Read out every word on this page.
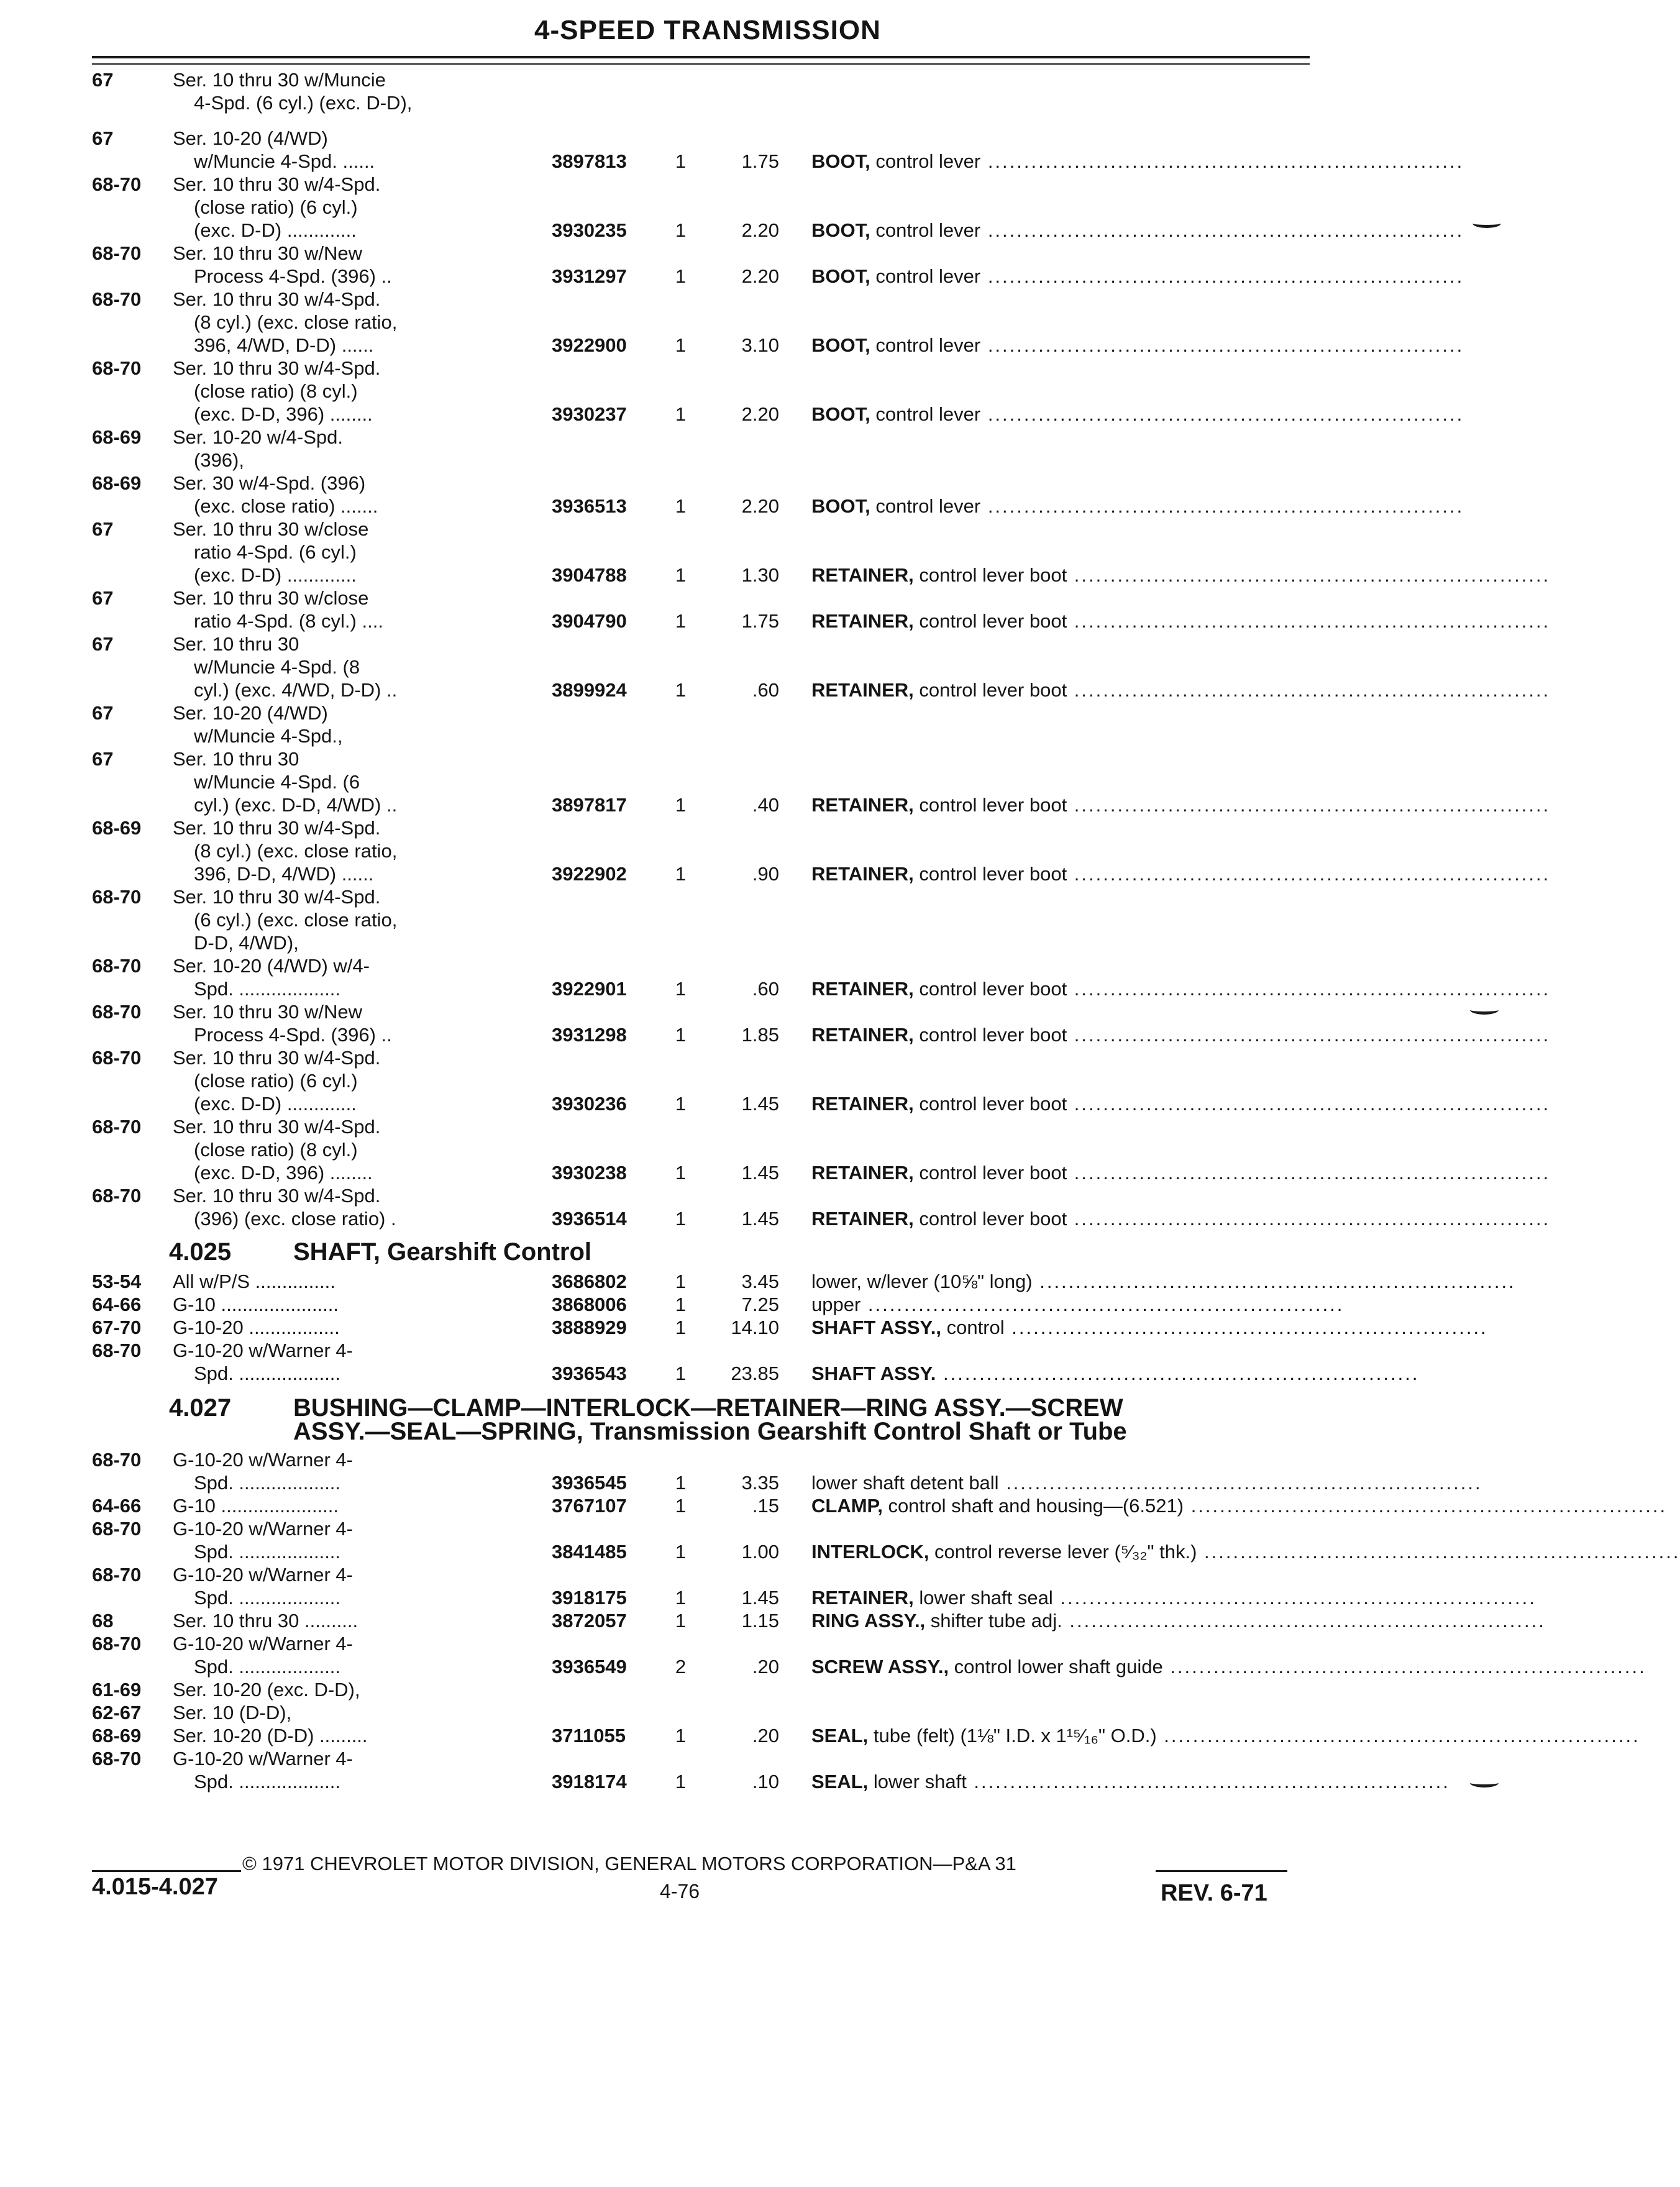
4-SPEED TRANSMISSION
67	Ser. 10 thru 30 w/Muncie
4-Spd. (6 cyl.) (exc. D-D),
67	Ser. 10-20 (4/WD)
w/Muncie 4-Spd. ......	3897813	1	1.75	BOOT, control lever ..................................................................
68-70	Ser. 10 thru 30 w/4-Spd.
(close ratio) (6 cyl.)
(exc. D-D) .............	3930235	1	2.20	BOOT, control lever ..................................................................
68-70	Ser. 10 thru 30 w/New
Process 4-Spd. (396) ..	3931297	1	2.20	BOOT, control lever ..................................................................
68-70	Ser. 10 thru 30 w/4-Spd.
(8 cyl.) (exc. close ratio,
396, 4/WD, D-D) ......	3922900	1	3.10	BOOT, control lever ..................................................................
68-70	Ser. 10 thru 30 w/4-Spd.
(close ratio) (8 cyl.)
(exc. D-D, 396) ........	3930237	1	2.20	BOOT, control lever ..................................................................
68-69	Ser. 10-20 w/4-Spd.
(396),
68-69	Ser. 30 w/4-Spd. (396)
(exc. close ratio) .......	3936513	1	2.20	BOOT, control lever ..................................................................
67	Ser. 10 thru 30 w/close
ratio 4-Spd. (6 cyl.)
(exc. D-D) .............	3904788	1	1.30	RETAINER, control lever boot ..................................................................
67	Ser. 10 thru 30 w/close
ratio 4-Spd. (8 cyl.) ....	3904790	1	1.75	RETAINER, control lever boot ..................................................................
67	Ser. 10 thru 30
w/Muncie 4-Spd. (8
cyl.) (exc. 4/WD, D-D) ..	3899924	1	.60	RETAINER, control lever boot ..................................................................
67	Ser. 10-20 (4/WD)
w/Muncie 4-Spd.,
67	Ser. 10 thru 30
w/Muncie 4-Spd. (6
cyl.) (exc. D-D, 4/WD) ..	3897817	1	.40	RETAINER, control lever boot ..................................................................
68-69	Ser. 10 thru 30 w/4-Spd.
(8 cyl.) (exc. close ratio,
396, D-D, 4/WD) ......	3922902	1	.90	RETAINER, control lever boot ..................................................................
68-70	Ser. 10 thru 30 w/4-Spd.
(6 cyl.) (exc. close ratio,
D-D, 4/WD),
68-70	Ser. 10-20 (4/WD) w/4-
Spd. ...................	3922901	1	.60	RETAINER, control lever boot ..................................................................
68-70	Ser. 10 thru 30 w/New
Process 4-Spd. (396) ..	3931298	1	1.85	RETAINER, control lever boot ..................................................................
68-70	Ser. 10 thru 30 w/4-Spd.
(close ratio) (6 cyl.)
(exc. D-D) .............	3930236	1	1.45	RETAINER, control lever boot ..................................................................
68-70	Ser. 10 thru 30 w/4-Spd.
(close ratio) (8 cyl.)
(exc. D-D, 396) ........	3930238	1	1.45	RETAINER, control lever boot ..................................................................
68-70	Ser. 10 thru 30 w/4-Spd.
(396) (exc. close ratio) .	3936514	1	1.45	RETAINER, control lever boot ..................................................................
4.025	SHAFT, Gearshift Control
53-54	All w/P/S ...............	3686802	1	3.45	lower, w/lever (10⅝" long) ..................................................................
64-66	G-10 ......................	3868006	1	7.25	upper ..................................................................
67-70	G-10-20 .................	3888929	1	14.10	SHAFT ASSY., control ..................................................................
68-70	G-10-20 w/Warner 4-
Spd. ...................	3936543	1	23.85	SHAFT ASSY. ..................................................................
4.027	BUSHING—CLAMP—INTERLOCK—RETAINER—RING ASSY.—SCREW
ASSY.—SEAL—SPRING, Transmission Gearshift Control Shaft or Tube
68-70	G-10-20 w/Warner 4-
Spd. ...................	3936545	1	3.35	lower shaft detent ball ..................................................................
64-66	G-10 ......................	3767107	1	.15	CLAMP, control shaft and housing—(6.521) ..................................................................
68-70	G-10-20 w/Warner 4-
Spd. ...................	3841485	1	1.00	INTERLOCK, control reverse lever (⁵⁄₃₂" thk.) ..................................................................
68-70	G-10-20 w/Warner 4-
Spd. ...................	3918175	1	1.45	RETAINER, lower shaft seal ..................................................................
68	Ser. 10 thru 30 ..........	3872057	1	1.15	RING ASSY., shifter tube adj. ..................................................................
68-70	G-10-20 w/Warner 4-
Spd. ...................	3936549	2	.20	SCREW ASSY., control lower shaft guide ..................................................................
61-69	Ser. 10-20 (exc. D-D),
62-67	Ser. 10 (D-D),
68-69	Ser. 10-20 (D-D) .........	3711055	1	.20	SEAL, tube (felt) (1⅛" I.D. x 1¹⁵⁄₁₆" O.D.) ..................................................................
68-70	G-10-20 w/Warner 4-
Spd. ...................	3918174	1	.10	SEAL, lower shaft ..................................................................
© 1971 CHEVROLET MOTOR DIVISION, GENERAL MOTORS CORPORATION—P&A 31
4.015-4.027	4-76	REV. 6-71
